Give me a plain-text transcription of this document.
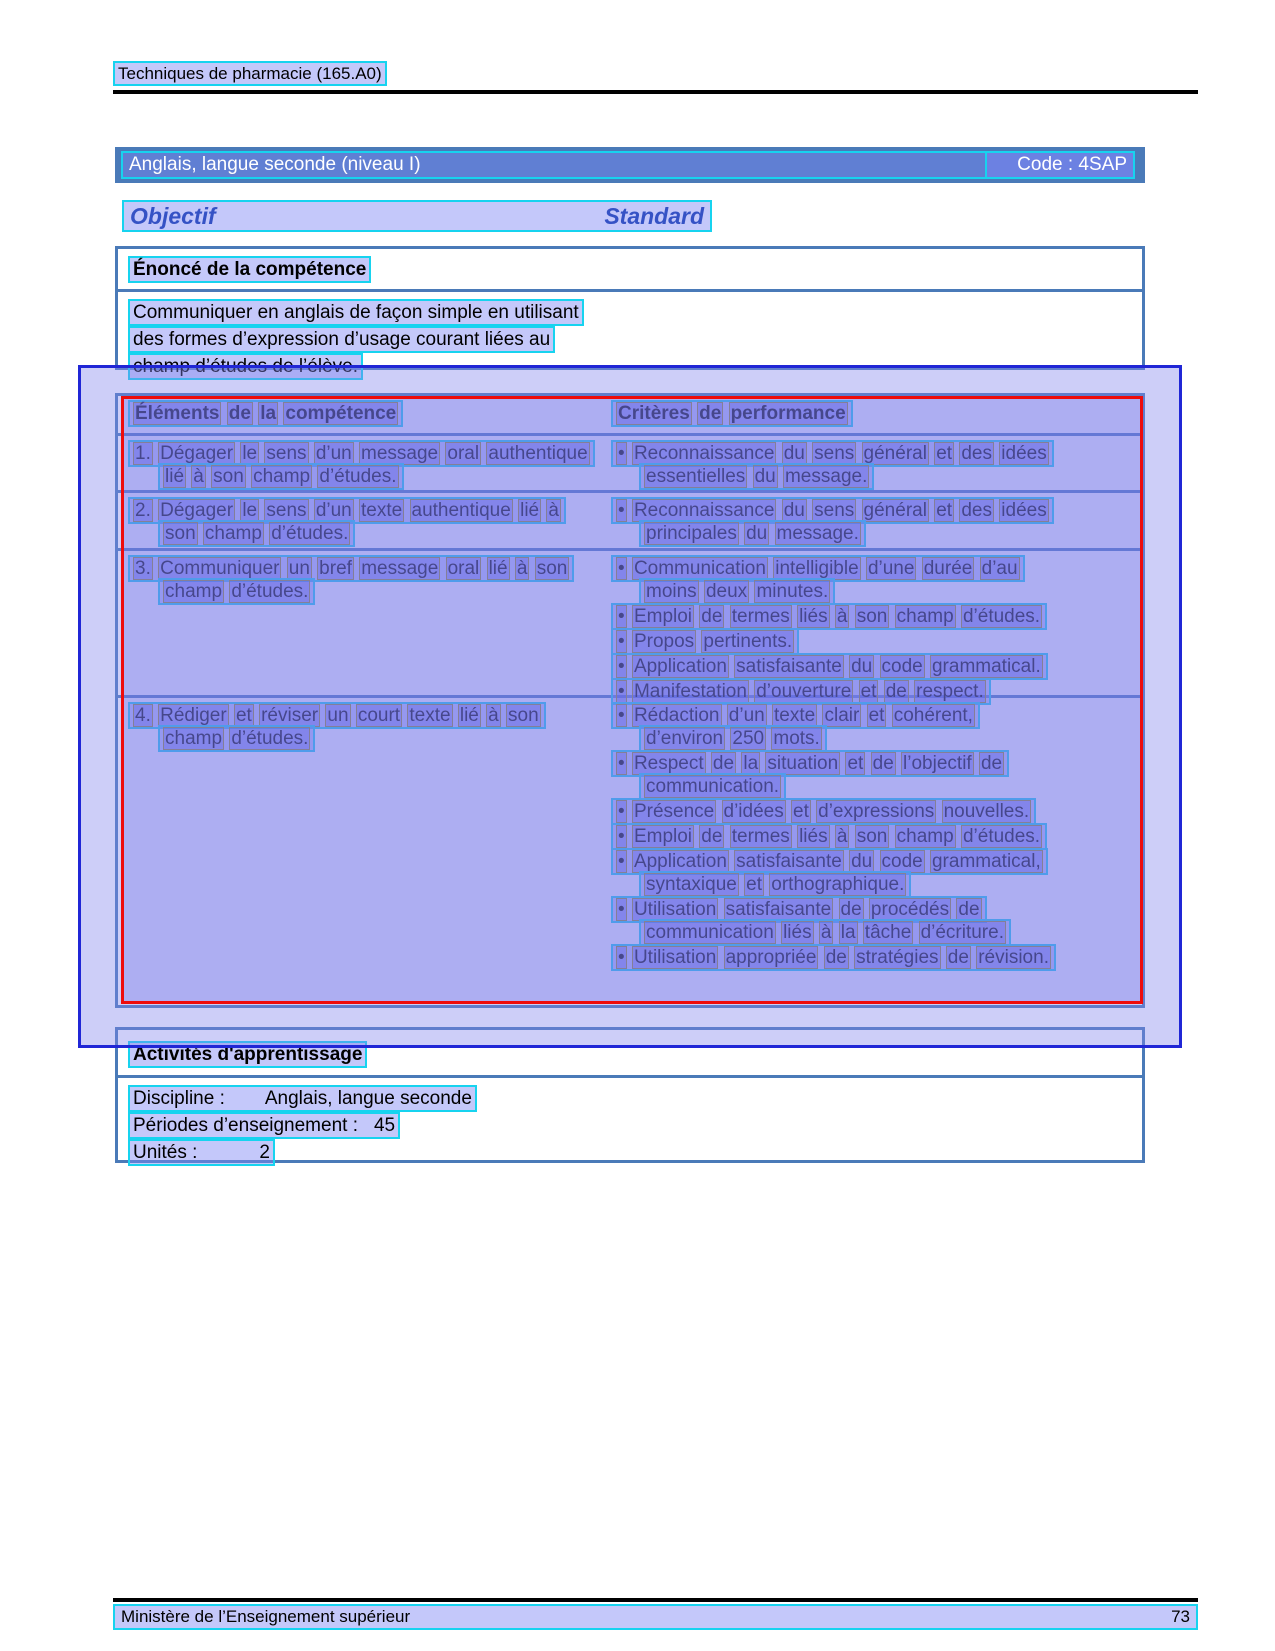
Techniques de pharmacie (165.A0)
Anglais, langue seconde (niveau I)	Code : 4SAP
Objectif	Standard
Énoncé de la compétence

Communiquer en anglais de façon simple en utilisant des formes d’expression d’usage courant liées au champ d’études de l’élève.

Éléments de la compétence	Critères de performance
1. Dégager le sens d’un message oral authentique lié à son champ d’études.
• Reconnaissance du sens général et des idées essentielles du message.
2. Dégager le sens d’un texte authentique lié à son champ d’études.
• Reconnaissance du sens général et des idées principales du message.
3. Communiquer un bref message oral lié à son champ d’études.
• Communication intelligible d’une durée d’au moins deux minutes.
• Emploi de termes liés à son champ d’études.
• Propos pertinents.
• Application satisfaisante du code grammatical.
• Manifestation d’ouverture et de respect.
4. Rédiger et réviser un court texte lié à son champ d’études.
• Rédaction d’un texte clair et cohérent, d’environ 250 mots.
• Respect de la situation et de l’objectif de communication.
• Présence d’idées et d’expressions nouvelles.
• Emploi de termes liés à son champ d’études.
• Application satisfaisante du code grammatical, syntaxique et orthographique.
• Utilisation satisfaisante de procédés de communication liés à la tâche d’écriture.
• Utilisation appropriée de stratégies de révision.
Activités d'apprentissage
Discipline : Anglais, langue seconde
Périodes d’enseignement : 45
Unités :	2
Ministère de l’Enseignement supérieur	73
